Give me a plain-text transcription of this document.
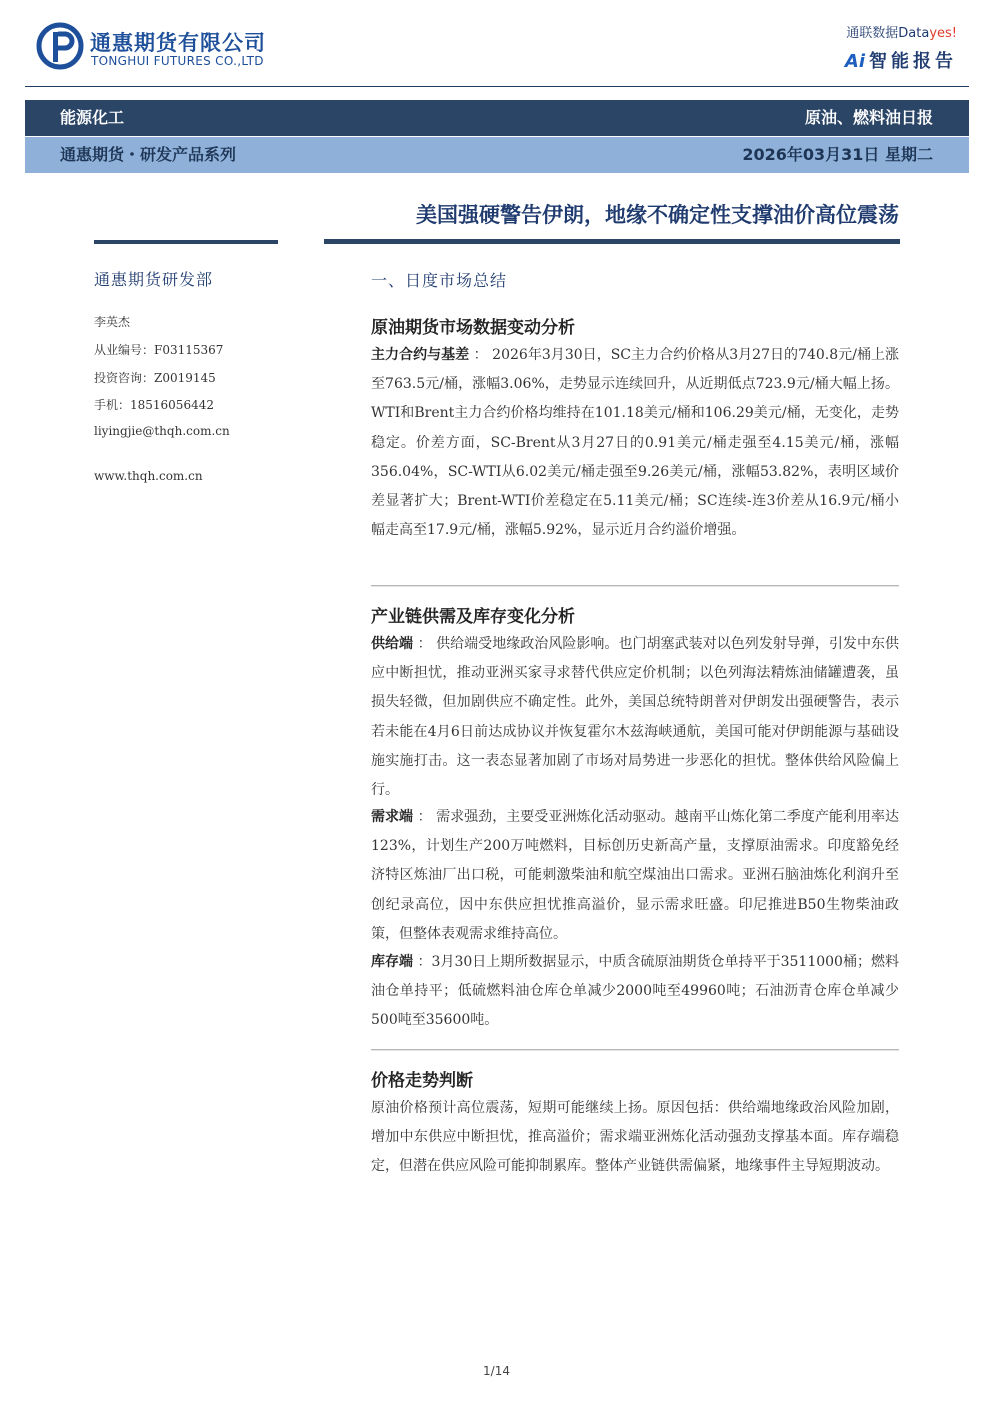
通惠期货有限公司
TONGHUI FUTURES CO.,LTD
通联数据Datayes!
Ai 智能报告
能源化工	原油、燃料油日报
通惠期货・研发产品系列	2026年03月31日 星期二
美国强硬警告伊朗，地缘不确定性支撑油价高位震荡
通惠期货研发部
李英杰
从业编号：F03115367
投资咨询：Z0019145
手机：18516056442
liyingjie@thqh.com.cn
www.thqh.com.cn
一、日度市场总结
原油期货市场数据变动分析
主力合约与基差 ： 2026年3月30日，SC主力合约价格从3月27日的740.8元/桶上涨至763.5元/桶，涨幅3.06%，走势显示连续回升，从近期低点723.9元/桶大幅上扬。WTI和Brent主力合约价格均维持在101.18美元/桶和106.29美元/桶，无变化，走势稳定。价差方面，SC-Brent从3月27日的0.91美元/桶走强至4.15美元/桶，涨幅356.04%，SC-WTI从6.02美元/桶走强至9.26美元/桶，涨幅53.82%，表明区域价差显著扩大；Brent-WTI价差稳定在5.11美元/桶；SC连续-连3价差从16.9元/桶小幅走高至17.9元/桶，涨幅5.92%，显示近月合约溢价增强。
产业链供需及库存变化分析
供给端 ： 供给端受地缘政治风险影响。也门胡塞武装对以色列发射导弹，引发中东供应中断担忧，推动亚洲买家寻求替代供应定价机制；以色列海法精炼油储罐遭袭，虽损失轻微，但加剧供应不确定性。此外，美国总统特朗普对伊朗发出强硬警告，表示若未能在4月6日前达成协议并恢复霍尔木兹海峡通航，美国可能对伊朗能源与基础设施实施打击。这一表态显著加剧了市场对局势进一步恶化的担忧。整体供给风险偏上行。
需求端 ： 需求强劲，主要受亚洲炼化活动驱动。越南平山炼化第二季度产能利用率达123%，计划生产200万吨燃料，目标创历史新高产量，支撑原油需求。印度豁免经济特区炼油厂出口税，可能刺激柴油和航空煤油出口需求。亚洲石脑油炼化利润升至创纪录高位，因中东供应担忧推高溢价，显示需求旺盛。印尼推进B50生物柴油政策，但整体表观需求维持高位。
库存端 ：3月30日上期所数据显示，中质含硫原油期货仓单持平于3511000桶；燃料油仓单持平；低硫燃料油仓库仓单减少2000吨至49960吨；石油沥青仓库仓单减少500吨至35600吨。
价格走势判断
原油价格预计高位震荡，短期可能继续上扬。原因包括：供给端地缘政治风险加剧，增加中东供应中断担忧，推高溢价；需求端亚洲炼化活动强劲支撑基本面。库存端稳定，但潜在供应风险可能抑制累库。整体产业链供需偏紧，地缘事件主导短期波动。
1/14
